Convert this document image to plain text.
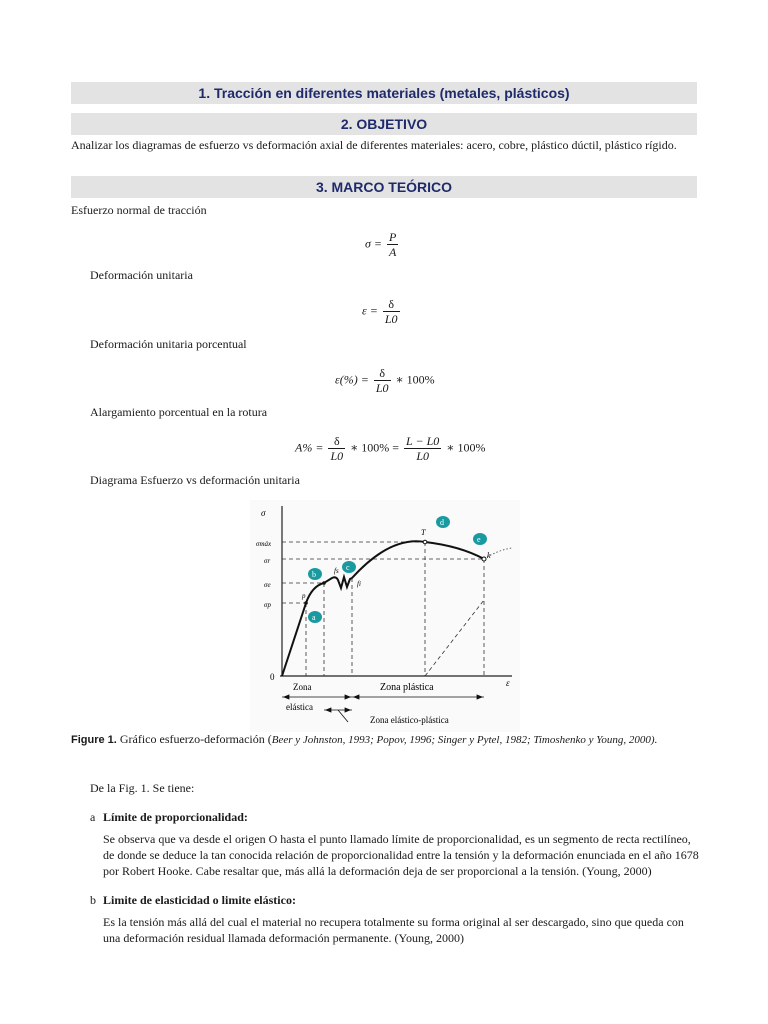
1. Tracción en diferentes materiales (metales, plásticos)
2. OBJETIVO
Analizar los diagramas de esfuerzo vs deformación axial de diferentes materiales: acero, cobre, plástico dúctil, plástico rígido.
3. MARCO TEÓRICO
Esfuerzo normal de tracción
$\sigma = \frac{P}{A}$
Deformación unitaria
$\varepsilon = \frac{\delta}{L0}$
Deformación unitaria porcentual
$\varepsilon(\%) = \frac{\delta}{L0}$ ∗ 100%
Alargamiento porcentual en la rotura
$A\% = \frac{\delta}{L0}$ ∗ $100\% = \frac{L - L0}{L0}$ ∗ 100%
Diagrama Esfuerzo vs deformación unitaria
σ
ε
0
σmáx
σr
σe
σp
T
k
fs
fi
p
a
b
c
d
e
Zona
elástica
Zona plástica
Zona elástico-plástica
Figure 1. Gráfico esfuerzo-deformación (Beer y Johnston, 1993; Popov, 1996; Singer y Pytel, 1982; Timoshenko y Young, 2000).
De la Fig. 1. Se tiene:
a Límite de proporcionalidad:
Se observa que va desde el origen O hasta el punto llamado límite de proporcionalidad, es un segmento de recta rectilíneo, de donde se deduce la tan conocida relación de proporcionalidad entre la tensión y la deformación enunciada en el año 1678 por Robert Hooke. Cabe resaltar que, más allá la deformación deja de ser proporcional a la tensión. (Young, 2000)
b Limite de elasticidad o limite elástico:
Es la tensión más allá del cual el material no recupera totalmente su forma original al ser descargado, sino que queda con una deformación residual llamada deformación permanente. (Young, 2000)
